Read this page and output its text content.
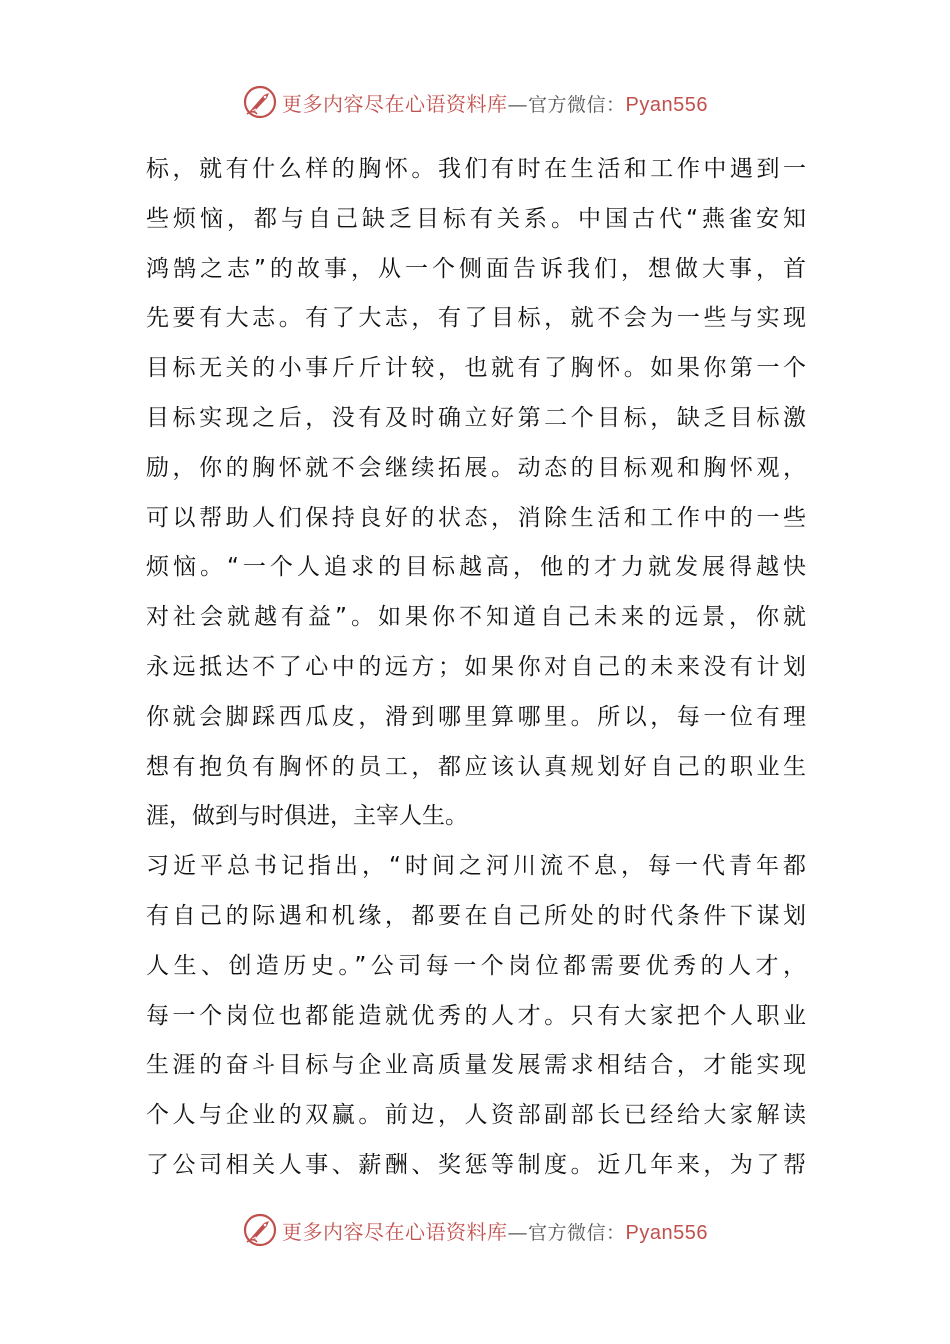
更多内容尽在心语资料库—官方微信：Pyan556
标，就有什么样的胸怀。我们有时在生活和工作中遇到一
些烦恼，都与自己缺乏目标有关系。中国古代“燕雀安知
鸿鹄之志”的故事，从一个侧面告诉我们，想做大事，首
先要有大志。有了大志，有了目标，就不会为一些与实现
目标无关的小事斤斤计较，也就有了胸怀。如果你第一个
目标实现之后，没有及时确立好第二个目标，缺乏目标激
励，你的胸怀就不会继续拓展。动态的目标观和胸怀观，
可以帮助人们保持良好的状态，消除生活和工作中的一些
烦恼。“一个人追求的目标越高，他的才力就发展得越快
对社会就越有益”。如果你不知道自己未来的远景，你就
永远抵达不了心中的远方；如果你对自己的未来没有计划
你就会脚踩西瓜皮，滑到哪里算哪里。所以，每一位有理
想有抱负有胸怀的员工，都应该认真规划好自己的职业生
涯，做到与时俱进，主宰人生。
习近平总书记指出，“时间之河川流不息，每一代青年都
有自己的际遇和机缘，都要在自己所处的时代条件下谋划
人生、创造历史。”公司每一个岗位都需要优秀的人才，
每一个岗位也都能造就优秀的人才。只有大家把个人职业
生涯的奋斗目标与企业高质量发展需求相结合，才能实现
个人与企业的双赢。前边，人资部副部长已经给大家解读
了公司相关人事、薪酬、奖惩等制度。近几年来，为了帮
更多内容尽在心语资料库—官方微信：Pyan556
